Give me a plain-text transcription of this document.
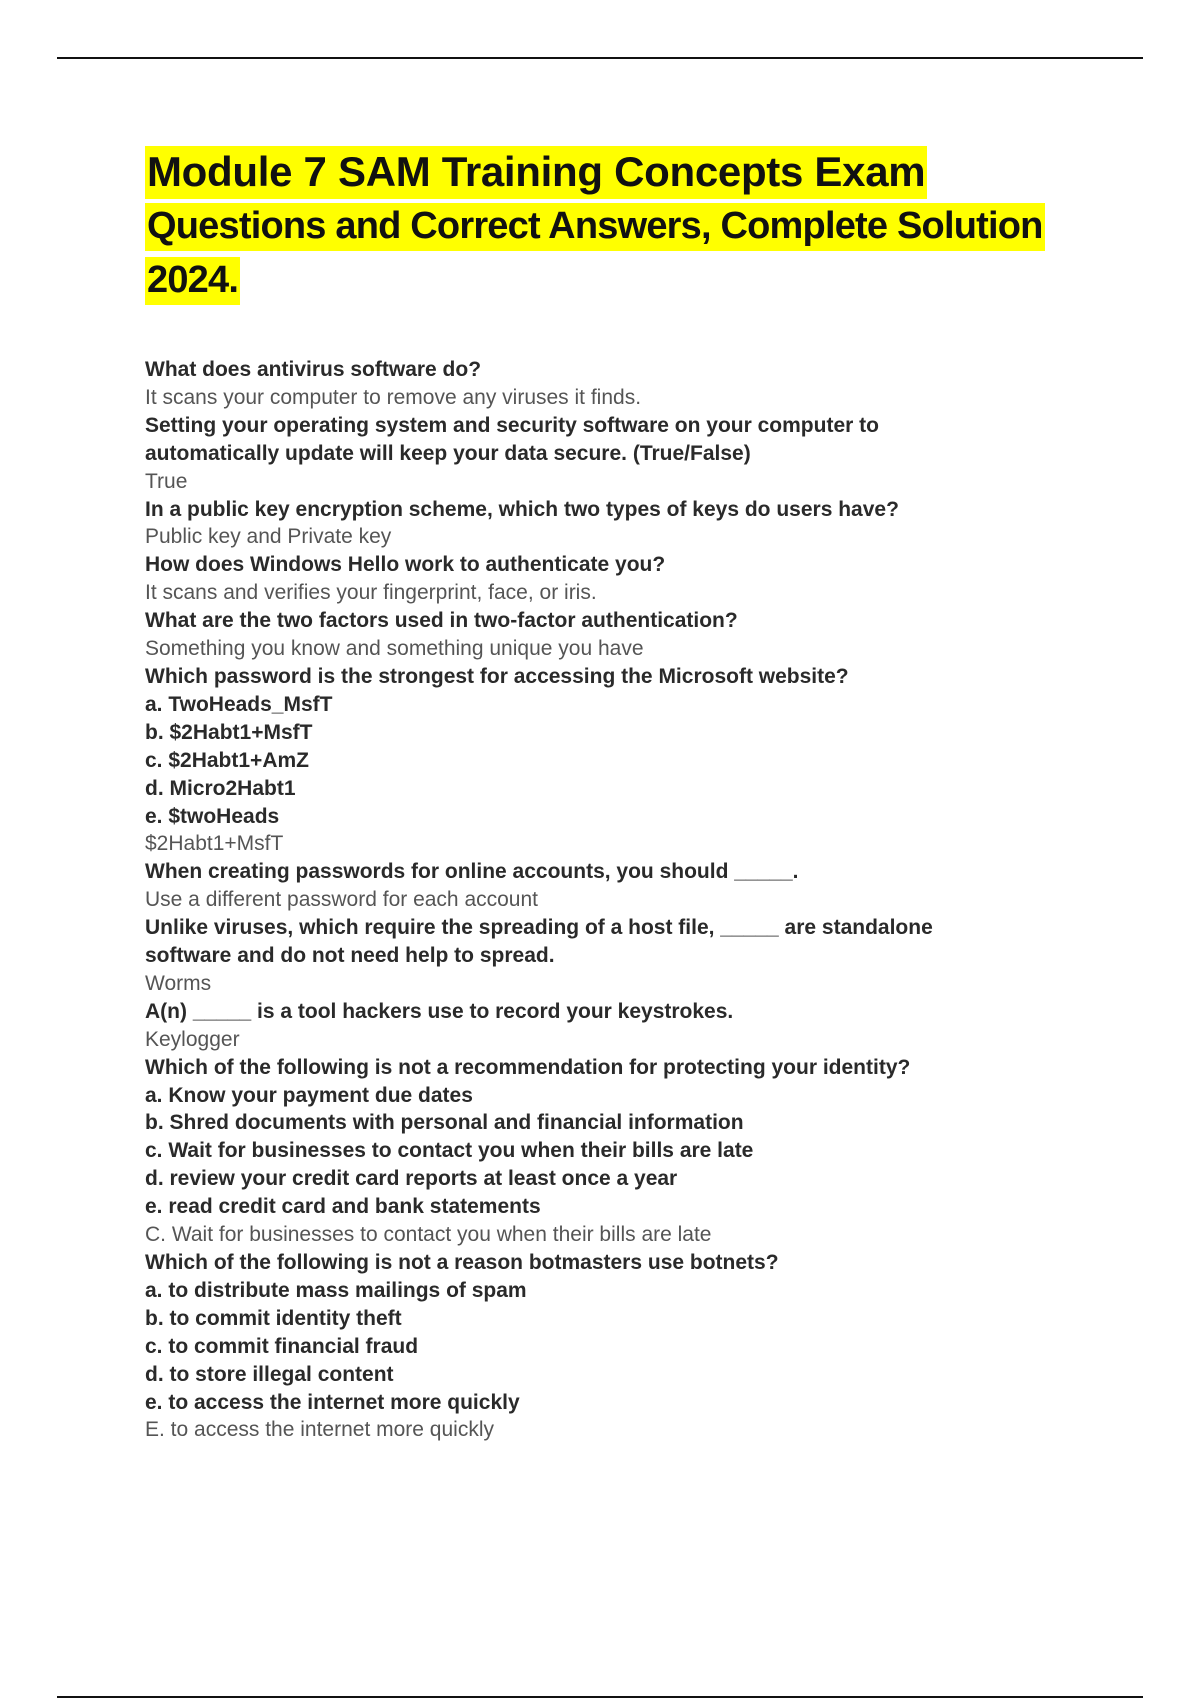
Module 7 SAM Training Concepts Exam
Questions and Correct Answers, Complete Solution
2024.
What does antivirus software do?
It scans your computer to remove any viruses it finds.
Setting your operating system and security software on your computer to
automatically update will keep your data secure. (True/False)
True
In a public key encryption scheme, which two types of keys do users have?
Public key and Private key
How does Windows Hello work to authenticate you?
It scans and verifies your fingerprint, face, or iris.
What are the two factors used in two-factor authentication?
Something you know and something unique you have
Which password is the strongest for accessing the Microsoft website?
a. TwoHeads_MsfT
b. $2Habt1+MsfT
c. $2Habt1+AmZ
d. Micro2Habt1
e. $twoHeads
$2Habt1+MsfT
When creating passwords for online accounts, you should _____.
Use a different password for each account
Unlike viruses, which require the spreading of a host file, _____ are standalone
software and do not need help to spread.
Worms
A(n) _____ is a tool hackers use to record your keystrokes.
Keylogger
Which of the following is not a recommendation for protecting your identity?
a. Know your payment due dates
b. Shred documents with personal and financial information
c. Wait for businesses to contact you when their bills are late
d. review your credit card reports at least once a year
e. read credit card and bank statements
C. Wait for businesses to contact you when their bills are late
Which of the following is not a reason botmasters use botnets?
a. to distribute mass mailings of spam
b. to commit identity theft
c. to commit financial fraud
d. to store illegal content
e. to access the internet more quickly
E. to access the internet more quickly
